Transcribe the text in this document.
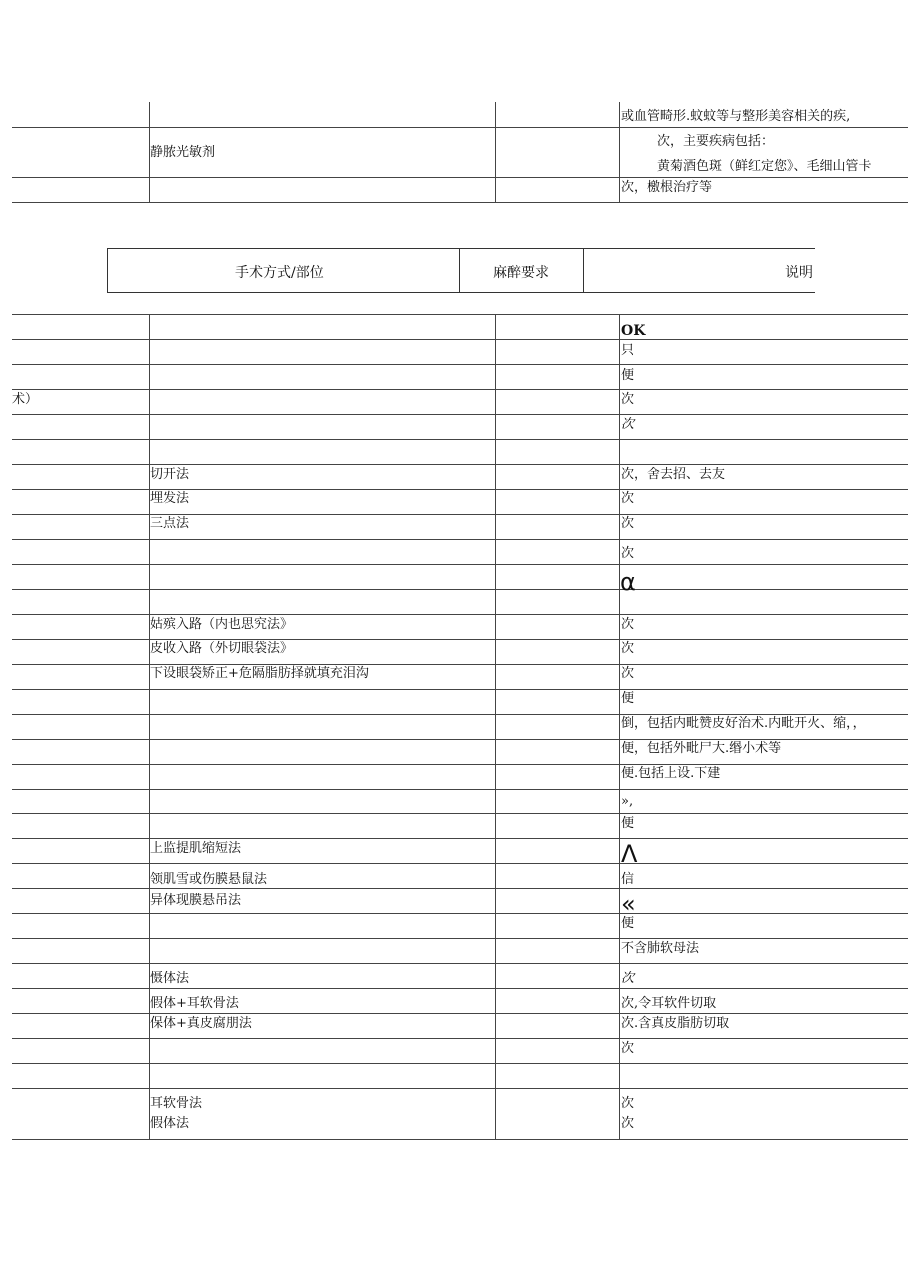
或血管畸形.蚊蚊等与整形美容相关的疾,
静脓光敏剂
次，主要疾病包括：
黄菊酒色斑（鲜红定您》、毛细山管卡
次，檄根治疗等
手术方式/部位	麻醉要求	说明
术）
切开法
埋发法
三点法
姑殡入路（内也思究法》
皮收入路（外切眼袋法》
下设眼袋矫正+危隔脂肪择就填充泪沟
上监提肌缩短法
领肌雪或伤膜悬鼠法
异体现膜悬吊法
慑体法
假体+耳软骨法
保体+真皮腐朋法
耳软骨法
假体法
OK
只
便
次
次
次，舍去招、去友
次
次
次
α
次
次
次
便
倒，包括内毗赞皮好治术.内毗开火、缩，，
便，包括外毗尸大.缗小术等
便.包括上设.下建
»,
便
Λ
信
«
便
不含肺软母法
次
次,令耳软件切取
次.含真皮脂肪切取
次
次
次
